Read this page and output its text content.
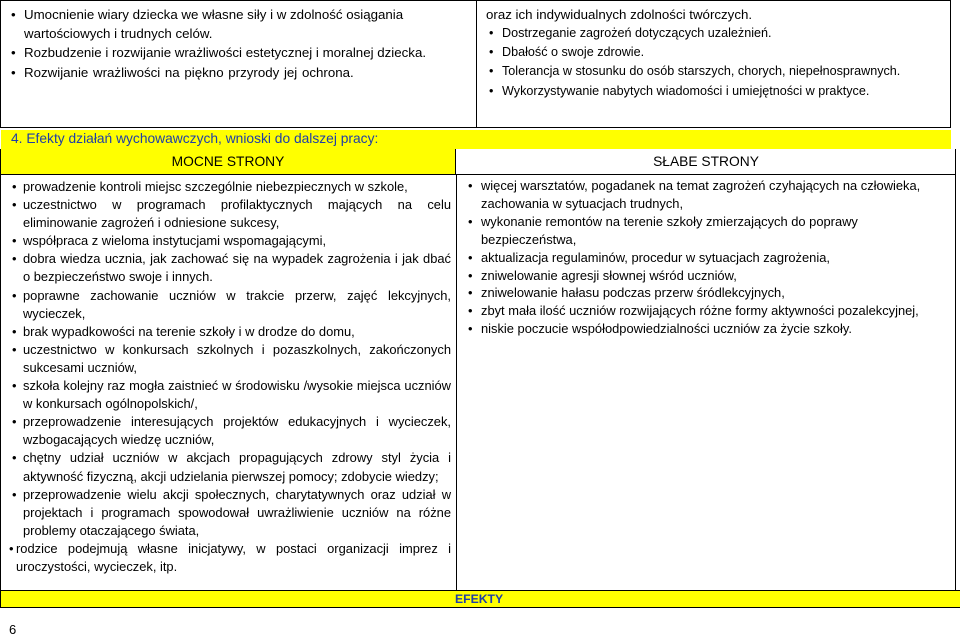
• Umocnienie wiary dziecka we własne siły i w zdolność osiągania wartościowych i trudnych celów.
• Rozbudzenie i rozwijanie wrażliwości estetycznej i moralnej dziecka.
• Rozwijanie wrażliwości na piękno przyrody jej ochrona.
oraz ich indywidualnych zdolności twórczych.
• Dostrzeganie zagrożeń dotyczących uzależnień.
• Dbałość o swoje zdrowie.
• Tolerancja w stosunku do osób starszych, chorych, niepełnosprawnych.
• Wykorzystywanie nabytych wiadomości i umiejętności w praktyce.
4. Efekty działań wychowawczych, wnioski do dalszej pracy:
MOCNE STRONY	SŁABE STRONY
• prowadzenie kontroli miejsc szczególnie niebezpiecznych w szkole,
• uczestnictwo w programach profilaktycznych mających na celu eliminowanie zagrożeń i odniesione sukcesy,
• współpraca z wieloma instytucjami wspomagającymi,
• dobra wiedza ucznia, jak zachować się na wypadek zagrożenia i jak dbać o bezpieczeństwo swoje i innych.
• poprawne zachowanie uczniów w trakcie przerw, zajęć lekcyjnych, wycieczek,
• brak wypadkowości na terenie szkoły i w drodze do domu,
• uczestnictwo w konkursach szkolnych i pozaszkolnych, zakończonych sukcesami uczniów,
• szkoła kolejny raz mogła zaistnieć w środowisku /wysokie miejsca uczniów w konkursach ogólnopolskich/,
• przeprowadzenie interesujących projektów edukacyjnych i wycieczek, wzbogacających wiedzę uczniów,
• chętny udział uczniów w akcjach propagujących zdrowy styl życia i aktywność fizyczną, akcji udzielania pierwszej pomocy; zdobycie wiedzy;
• przeprowadzenie wielu akcji społecznych, charytatywnych oraz udział w projektach i programach spowodował uwrażliwienie uczniów na różne problemy otaczającego świata,
• rodzice podejmują własne inicjatywy, w postaci organizacji imprez i uroczystości, wycieczek, itp.
• więcej warsztatów, pogadanek na temat zagrożeń czyhających na człowieka, zachowania w sytuacjach trudnych,
• wykonanie remontów na terenie szkoły zmierzających do poprawy bezpieczeństwa,
• aktualizacja regulaminów, procedur w sytuacjach zagrożenia,
• zniwelowanie agresji słownej wśród uczniów,
• zniwelowanie hałasu podczas przerw śródlekcyjnych,
• zbyt mała ilość uczniów rozwijających różne formy aktywności pozalekcyjnej,
• niskie poczucie współodpowiedzialności uczniów za życie szkoły.
EFEKTY
6
